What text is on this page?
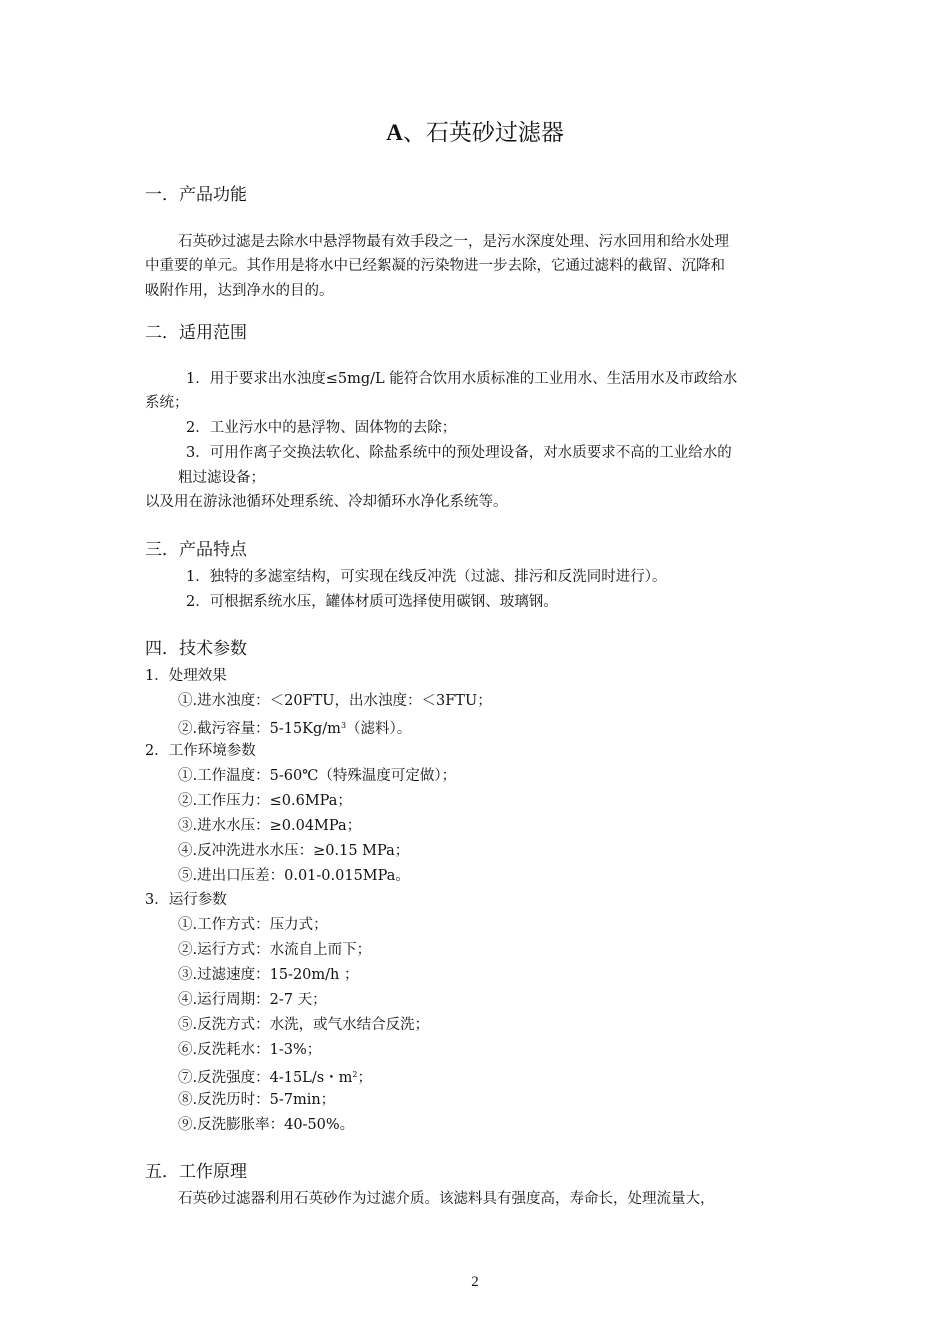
A、石英砂过滤器
一．产品功能
石英砂过滤是去除水中悬浮物最有效手段之一，是污水深度处理、污水回用和给水处理
中重要的单元。其作用是将水中已经絮凝的污染物进一步去除，它通过滤料的截留、沉降和
吸附作用，达到净水的目的。
二．适用范围
1．用于要求出水浊度≤5mg/L 能符合饮用水质标准的工业用水、生活用水及市政给水
系统；
2．工业污水中的悬浮物、固体物的去除；
3．可用作离子交换法软化、除盐系统中的预处理设备，对水质要求不高的工业给水的
粗过滤设备；
以及用在游泳池循环处理系统、冷却循环水净化系统等。
三．产品特点
1．独特的多滤室结构，可实现在线反冲洗（过滤、排污和反洗同时进行）。
2．可根据系统水压，罐体材质可选择使用碳钢、玻璃钢。
四．技术参数
1．处理效果
①.进水浊度：＜20FTU，出水浊度：＜3FTU；
②.截污容量：$5-15Kg/m^3$（滤料）。
2．工作环境参数
①.工作温度：5-60℃（特殊温度可定做）；
②.工作压力：≤0.6MPa；
③.进水水压：≥0.04MPa；
④.反冲洗进水水压：≥0.15 MPa；
⑤.进出口压差：0.01-0.015MPa。
3．运行参数
①.工作方式：压力式；
②.运行方式：水流自上而下；
③.过滤速度：15-20m/h ；
④.运行周期：2-7 天；
⑤.反洗方式：水洗，或气水结合反洗；
⑥.反洗耗水：1-3%；
⑦.反洗强度：4-15L/s・$m^2$；
⑧.反洗历时：5-7min；
⑨.反洗膨胀率：40-50%。
五．工作原理
石英砂过滤器利用石英砂作为过滤介质。该滤料具有强度高，寿命长，处理流量大，
2
